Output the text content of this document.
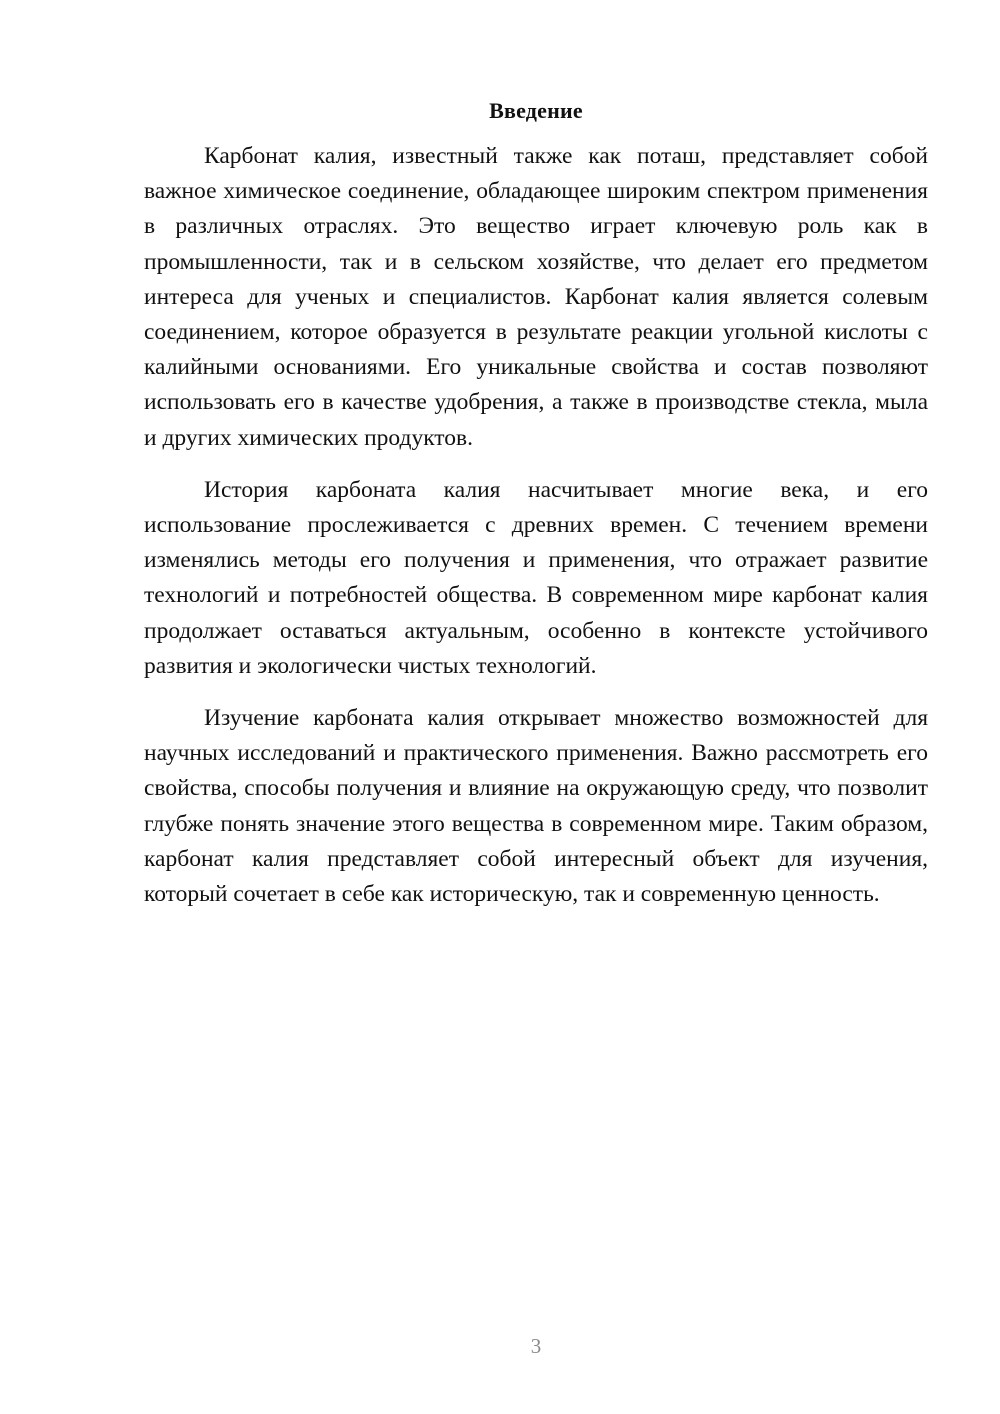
Введение

Карбонат калия, известный также как поташ, представляет собой важное химическое соединение, обладающее широким спектром применения в различных отраслях. Это вещество играет ключевую роль как в промышленности, так и в сельском хозяйстве, что делает его предметом интереса для ученых и специалистов. Карбонат калия является солевым соединением, которое образуется в результате реакции угольной кислоты с калийными основаниями. Его уникальные свойства и состав позволяют использовать его в качестве удобрения, а также в производстве стекла, мыла и других химических продуктов.

История карбоната калия насчитывает многие века, и его использование прослеживается с древних времен. С течением времени изменялись методы его получения и применения, что отражает развитие технологий и потребностей общества. В современном мире карбонат калия продолжает оставаться актуальным, особенно в контексте устойчивого развития и экологически чистых технологий.

Изучение карбоната калия открывает множество возможностей для научных исследований и практического применения. Важно рассмотреть его свойства, способы получения и влияние на окружающую среду, что позволит глубже понять значение этого вещества в современном мире. Таким образом, карбонат калия представляет собой интересный объект для изучения, который сочетает в себе как историческую, так и современную ценность.

3
